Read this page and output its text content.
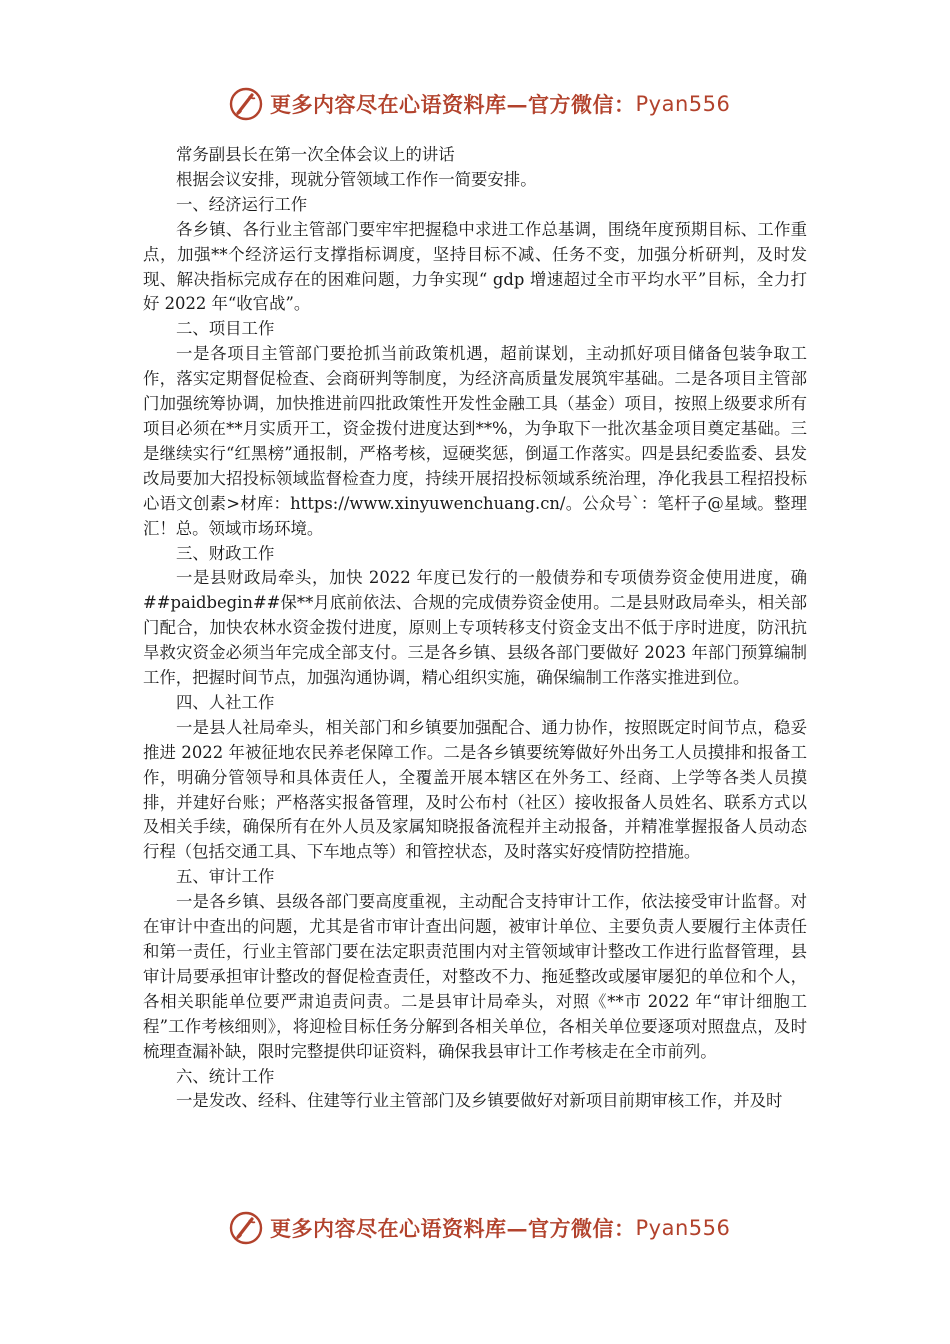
更多内容尽在心语资料库—官方微信： Pyan556

常务副县长在第一次全体会议上的讲话

根据会议安排，现就分管领域工作作一简要安排。

一、经济运行工作

各乡镇、各行业主管部门要牢牢把握稳中求进工作总基调，围绕年度预期目标、工作重点，加强**个经济运行支撑指标调度，坚持目标不减、任务不变，加强分析研判，及时发现、解决指标完成存在的困难问题，力争实现“ gdp 增速超过全市平均水平”目标，全力打好 2022 年“收官战”。

二、项目工作

一是各项目主管部门要抢抓当前政策机遇，超前谋划，主动抓好项目储备包装争取工作，落实定期督促检查、会商研判等制度，为经济高质量发展筑牢基础。二是各项目主管部门加强统筹协调，加快推进前四批政策性开发性金融工具（基金）项目，按照上级要求所有项目必须在**月实质开工，资金拨付进度达到**%，为争取下一批次基金项目奠定基础。三是继续实行“红黑榜”通报制，严格考核，逗硬奖惩，倒逼工作落实。四是县纪委监委、县发改局要加大招投标领域监督检查力度，持续开展招投标领域系统治理，净化我县工程招投标心语文创素>材库：https://www.xinyuwenchuang.cn/。公众号`：笔杆子@星域。整理汇！总。领域市场环境。

三、财政工作

一是县财政局牵头，加快 2022 年度已发行的一般债券和专项债券资金使用进度，确##paidbegin##保**月底前依法、合规的完成债券资金使用。二是县财政局牵头，相关部门配合，加快农林水资金拨付进度，原则上专项转移支付资金支出不低于序时进度，防汛抗旱救灾资金必须当年完成全部支付。三是各乡镇、县级各部门要做好 2023 年部门预算编制工作，把握时间节点，加强沟通协调，精心组织实施，确保编制工作落实推进到位。

四、人社工作

一是县人社局牵头，相关部门和乡镇要加强配合、通力协作，按照既定时间节点，稳妥推进 2022 年被征地农民养老保障工作。二是各乡镇要统筹做好外出务工人员摸排和报备工作，明确分管领导和具体责任人，全覆盖开展本辖区在外务工、经商、上学等各类人员摸排，并建好台账；严格落实报备管理，及时公布村（社区）接收报备人员姓名、联系方式以及相关手续，确保所有在外人员及家属知晓报备流程并主动报备，并精准掌握报备人员动态行程（包括交通工具、下车地点等）和管控状态，及时落实好疫情防控措施。

五、审计工作

一是各乡镇、县级各部门要高度重视，主动配合支持审计工作，依法接受审计监督。对在审计中查出的问题，尤其是省市审计查出问题，被审计单位、主要负责人要履行主体责任和第一责任，行业主管部门要在法定职责范围内对主管领域审计整改工作进行监督管理，县审计局要承担审计整改的督促检查责任，对整改不力、拖延整改或屡审屡犯的单位和个人，各相关职能单位要严肃追责问责。二是县审计局牵头，对照《**市 2022 年“审计细胞工程”工作考核细则》，将迎检目标任务分解到各相关单位，各相关单位要逐项对照盘点，及时梳理查漏补缺，限时完整提供印证资料，确保我县审计工作考核走在全市前列。

六、统计工作

一是发改、经科、住建等行业主管部门及乡镇要做好对新项目前期审核工作，并及时

更多内容尽在心语资料库—官方微信： Pyan556
